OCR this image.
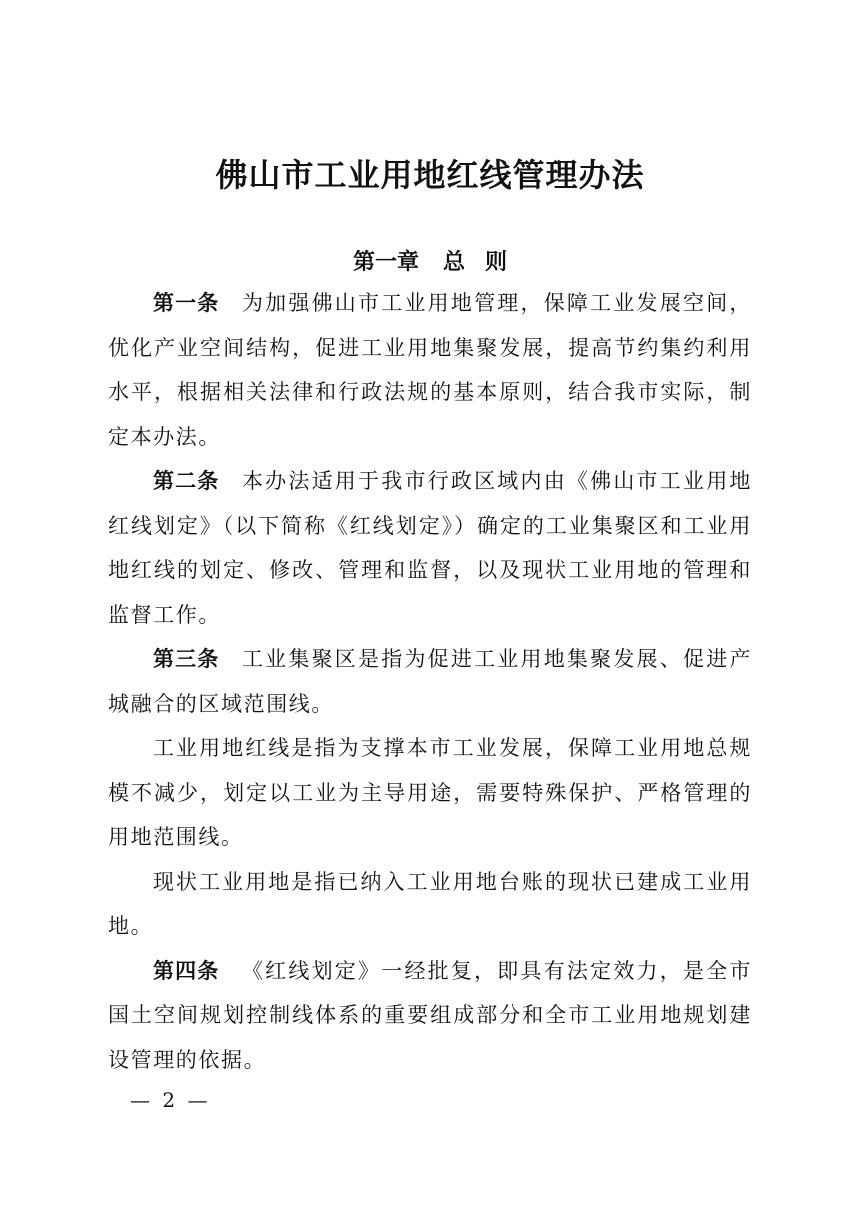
佛山市工业用地红线管理办法
第一章 总 则

第一条 为加强佛山市工业用地管理，保障工业发展空间，优化产业空间结构，促进工业用地集聚发展，提高节约集约利用水平，根据相关法律和行政法规的基本原则，结合我市实际，制定本办法。

第二条 本办法适用于我市行政区域内由《佛山市工业用地红线划定》（以下简称《红线划定》）确定的工业集聚区和工业用地红线的划定、修改、管理和监督，以及现状工业用地的管理和监督工作。

第三条 工业集聚区是指为促进工业用地集聚发展、促进产城融合的区域范围线。

工业用地红线是指为支撑本市工业发展，保障工业用地总规模不减少，划定以工业为主导用途，需要特殊保护、严格管理的用地范围线。

现状工业用地是指已纳入工业用地台账的现状已建成工业用地。

第四条 《红线划定》一经批复，即具有法定效力，是全市国土空间规划控制线体系的重要组成部分和全市工业用地规划建设管理的依据。

— 2 —
